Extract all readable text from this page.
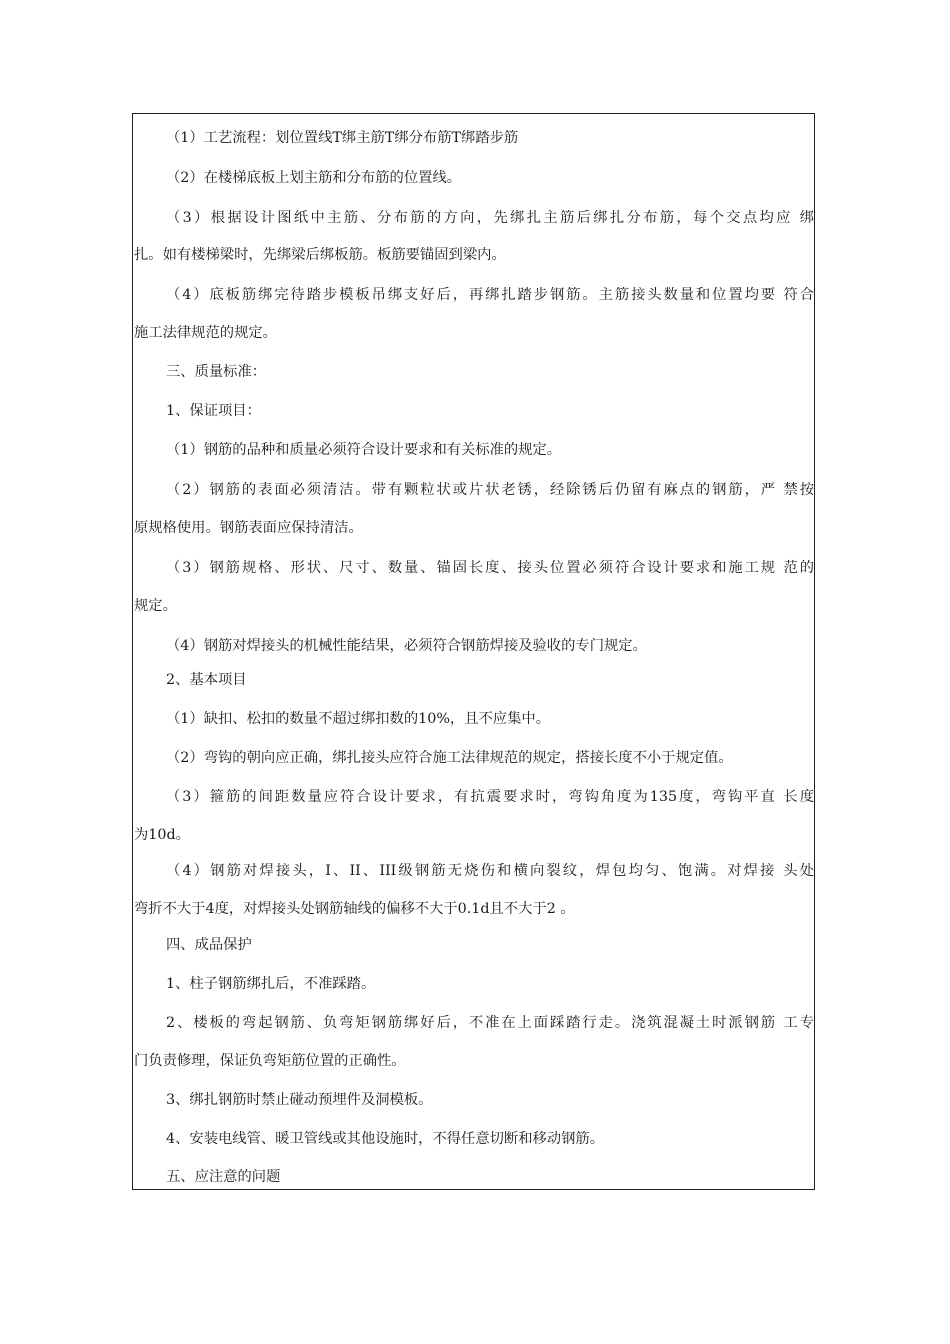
（1）工艺流程：划位置线T绑主筋T绑分布筋T绑踏步筋

（2）在楼梯底板上划主筋和分布筋的位置线。

（3）根据设计图纸中主筋、分布筋的方向，先绑扎主筋后绑扎分布筋，每个交点均应 绑

扎。如有楼梯梁时，先绑梁后绑板筋。板筋要锚固到梁内。

（4）底板筋绑完待踏步模板吊绑支好后，再绑扎踏步钢筋。主筋接头数量和位置均要 符合

施工法律规范的规定。

三、质量标准：

1、保证项目：

（1）钢筋的品种和质量必须符合设计要求和有关标准的规定。

（2）钢筋的表面必须清洁。带有颗粒状或片状老锈，经除锈后仍留有麻点的钢筋，严 禁按

原规格使用。钢筋表面应保持清洁。

（3）钢筋规格、形状、尺寸、数量、锚固长度、接头位置必须符合设计要求和施工规 范的

规定。

（4）钢筋对焊接头的机械性能结果，必须符合钢筋焊接及验收的专门规定。

2、基本项目

（1）缺扣、松扣的数量不超过绑扣数的10%，且不应集中。

（2）弯钩的朝向应正确，绑扎接头应符合施工法律规范的规定，搭接长度不小于规定值。

（3）箍筋的间距数量应符合设计要求，有抗震要求时，弯钩角度为135度，弯钩平直 长度

为10d。

（4）钢筋对焊接头，I、II、III级钢筋无烧伤和横向裂纹，焊包均匀、饱满。对焊接 头处

弯折不大于4度，对焊接头处钢筋轴线的偏移不大于0.1d且不大于2 。

四、成品保护

1、柱子钢筋绑扎后，不准踩踏。

2、楼板的弯起钢筋、负弯矩钢筋绑好后，不准在上面踩踏行走。浇筑混凝土时派钢筋 工专

门负责修理，保证负弯矩筋位置的正确性。

3、绑扎钢筋时禁止碰动预埋件及洞模板。

4、安装电线管、暖卫管线或其他设施时，不得任意切断和移动钢筋。

五、应注意的问题
